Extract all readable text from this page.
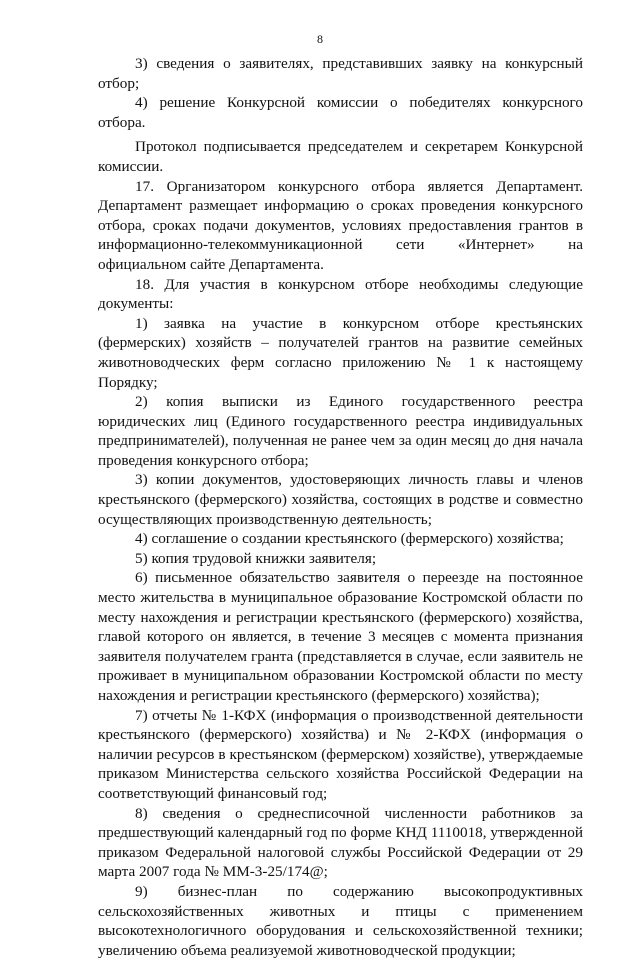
8

3) сведения о заявителях, представивших заявку на конкурсный отбор;

4) решение Конкурсной комиссии о победителях конкурсного отбора.

Протокол подписывается председателем и секретарем Конкурсной комиссии.

17. Организатором конкурсного отбора является Департамент. Департамент размещает информацию о сроках проведения конкурсного отбора, сроках подачи документов, условиях предоставления грантов в информационно-телекоммуникационной сети «Интернет» на официальном сайте Департамента.

18. Для участия в конкурсном отборе необходимы следующие документы:

1) заявка на участие в конкурсном отборе крестьянских (фермерских) хозяйств – получателей грантов на развитие семейных животноводческих ферм согласно приложению № 1 к настоящему Порядку;

2) копия выписки из Единого государственного реестра юридических лиц (Единого государственного реестра индивидуальных предпринимателей), полученная не ранее чем за один месяц до дня начала проведения конкурсного отбора;

3) копии документов, удостоверяющих личность главы и членов крестьянского (фермерского) хозяйства, состоящих в родстве и совместно осуществляющих производственную деятельность;

4) соглашение о создании крестьянского (фермерского) хозяйства;

5) копия трудовой книжки заявителя;

6) письменное обязательство заявителя о переезде на постоянное место жительства в муниципальное образование Костромской области по месту нахождения и регистрации крестьянского (фермерского) хозяйства, главой которого он является, в течение 3 месяцев с момента признания заявителя получателем гранта (представляется в случае, если заявитель не проживает в муниципальном образовании Костромской области по месту нахождения и регистрации крестьянского (фермерского) хозяйства);

7) отчеты № 1-КФХ (информация о производственной деятельности крестьянского (фермерского) хозяйства) и № 2-КФХ (информация о наличии ресурсов в крестьянском (фермерском) хозяйстве), утверждаемые приказом Министерства сельского хозяйства Российской Федерации на соответствующий финансовый год;

8) сведения о среднесписочной численности работников за предшествующий календарный год по форме КНД 1110018, утвержденной приказом Федеральной налоговой службы Российской Федерации от 29 марта 2007 года № ММ-3-25/174@;

9) бизнес-план по содержанию высокопродуктивных сельскохозяйственных животных и птицы с применением высокотехнологичного оборудования и сельскохозяйственной техники; увеличению объема реализуемой животноводческой продукции;
